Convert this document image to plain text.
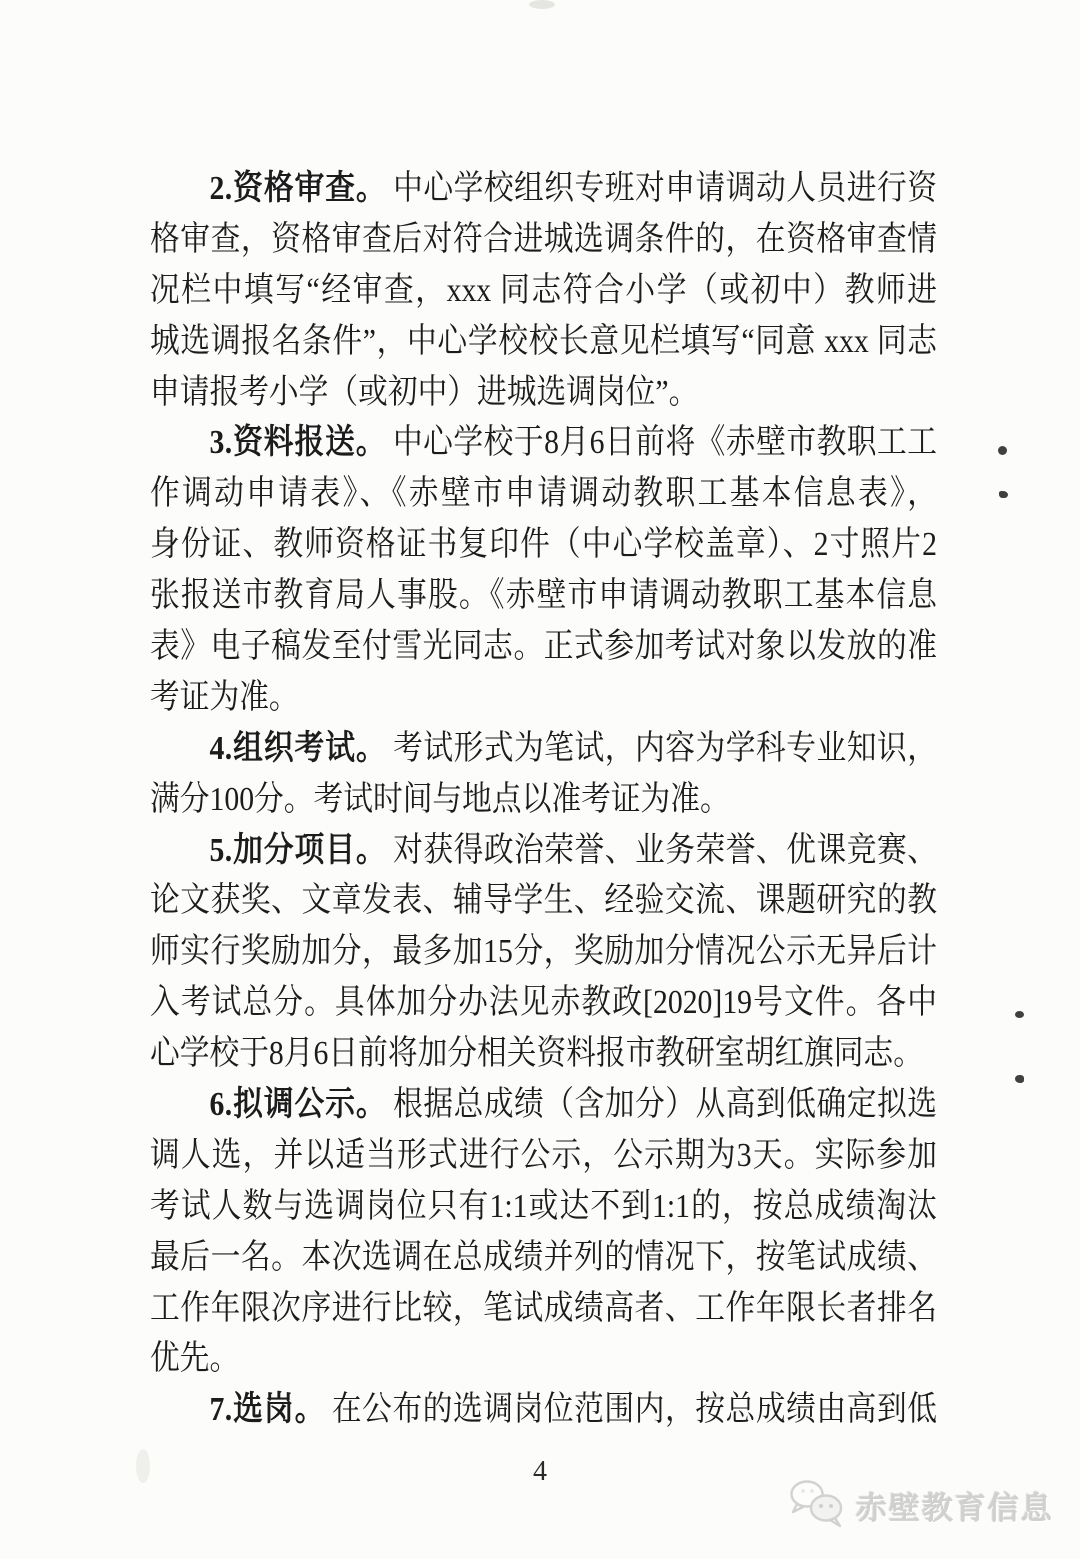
2.资格审查。 中心学校组织专班对申请调动人员进行资
格审查，资格审查后对符合进城选调条件的，在资格审查情
况栏中填写“经审查，xxx 同志符合小学（或初中）教师进
城选调报名条件”，中心学校校长意见栏填写“同意 xxx 同志
申请报考小学（或初中）进城选调岗位”。
3.资料报送。 中心学校于8月6日前将《赤壁市教职工工
作调动申请表》、《赤壁市申请调动教职工基本信息表》，
身份证、教师资格证书复印件（中心学校盖章）、2寸照片2
张报送市教育局人事股。《赤壁市申请调动教职工基本信息
表》电子稿发至付雪光同志。正式参加考试对象以发放的准
考证为准。
4.组织考试。 考试形式为笔试，内容为学科专业知识，
满分100分。考试时间与地点以准考证为准。
5.加分项目。 对获得政治荣誉、业务荣誉、优课竞赛、
论文获奖、文章发表、辅导学生、经验交流、课题研究的教
师实行奖励加分，最多加15分，奖励加分情况公示无异后计
入考试总分。具体加分办法见赤教政[2020]19号文件。各中
心学校于8月6日前将加分相关资料报市教研室胡红旗同志。
6.拟调公示。 根据总成绩（含加分）从高到低确定拟选
调人选，并以适当形式进行公示，公示期为3天。实际参加
考试人数与选调岗位只有1:1或达不到1:1的，按总成绩淘汰
最后一名。本次选调在总成绩并列的情况下，按笔试成绩、
工作年限次序进行比较，笔试成绩高者、工作年限长者排名
优先。
7.选岗。 在公布的选调岗位范围内，按总成绩由高到低
4
赤壁教育信息
